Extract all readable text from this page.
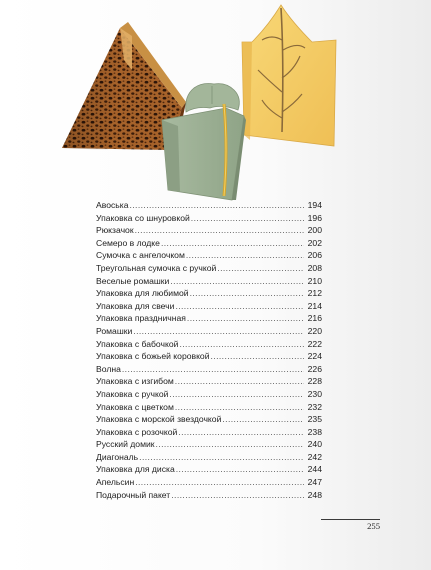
Авоська .....	194
Упаковка со шнуровкой .....	196
Рюкзачок .....	200
Семеро в лодке .....	202
Сумочка с ангелочком .....	206
Треугольная сумочка с ручкой .....	208
Веселые ромашки .....	210
Упаковка для любимой .....	212
Упаковка для свечи .....	214
Упаковка праздничная .....	216
Ромашки .....	220
Упаковка с бабочкой .....	222
Упаковка с божьей коровкой .....	224
Волна .....	226
Упаковка с изгибом .....	228
Упаковка с ручкой .....	230
Упаковка с цветком .....	232
Упаковка с морской звездочкой .....	235
Упаковка с розочкой .....	238
Русский домик .....	240
Диагональ .....	242
Упаковка для диска .....	244
Апельсин .....	247
Подарочный пакет .....	248
255
